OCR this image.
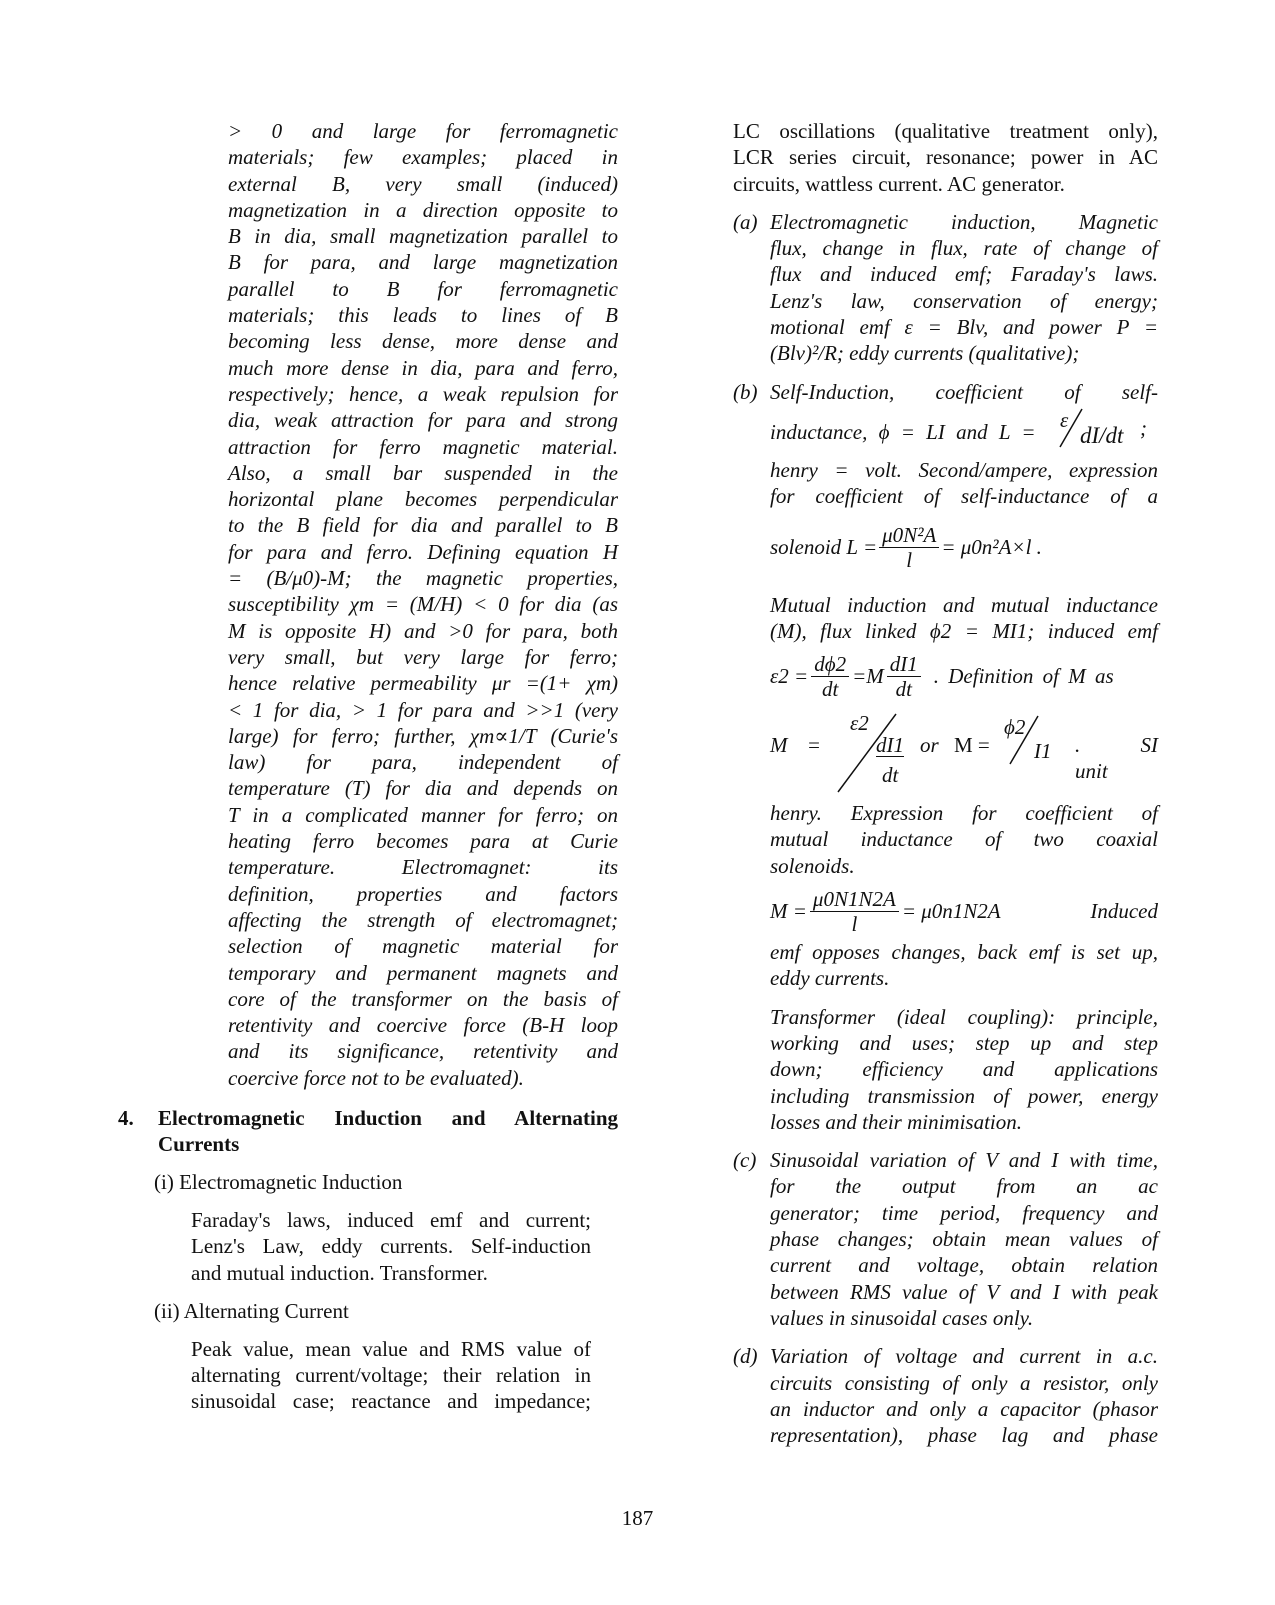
> 0 and large for ferromagnetic
materials; few examples; placed in
external B, very small (induced)
magnetization in a direction opposite to
B in dia, small magnetization parallel to
B for para, and large magnetization
parallel to B for ferromagnetic
materials; this leads to lines of B
becoming less dense, more dense and
much more dense in dia, para and ferro,
respectively; hence, a weak repulsion for
dia, weak attraction for para and strong
attraction for ferro magnetic material.
Also, a small bar suspended in the
horizontal plane becomes perpendicular
to the B field for dia and parallel to B
for para and ferro. Defining equation H
= (B/μ0)-M; the magnetic properties,
susceptibility χm = (M/H) < 0 for dia (as
M is opposite H) and >0 for para, both
very small, but very large for ferro;
hence relative permeability μr =(1+ χm)
< 1 for dia, > 1 for para and >>1 (very
large) for ferro; further, χm∝1/T (Curie's
law) for para, independent of
temperature (T) for dia and depends on
T in a complicated manner for ferro; on
heating ferro becomes para at Curie
temperature. Electromagnet: its
definition, properties and factors
affecting the strength of electromagnet;
selection of magnetic material for
temporary and permanent magnets and
core of the transformer on the basis of
retentivity and coercive force (B-H loop
and its significance, retentivity and
coercive force not to be evaluated).
4. Electromagnetic Induction and Alternating
Currents
(i) Electromagnetic Induction
Faraday's laws, induced emf and current;
Lenz's Law, eddy currents. Self-induction
and mutual induction. Transformer.
(ii) Alternating Current
Peak value, mean value and RMS value of
alternating current/voltage; their relation in
sinusoidal case; reactance and impedance;
LC oscillations (qualitative treatment only),
LCR series circuit, resonance; power in AC
circuits, wattless current. AC generator.
(a) Electromagnetic induction, Magnetic
flux, change in flux, rate of change of
flux and induced emf; Faraday's laws.
Lenz's law, conservation of energy;
motional emf ε = Blv, and power P =
(Blv)²/R; eddy currents (qualitative);
(b) Self-Induction, coefficient of self-
inductance, ϕ = LI and L = ε
dI/dt ;
henry = volt. Second/ampere, expression
for coefficient of self-inductance of a
solenoid $L = \frac{\text{μ0N²A}}{l} = \mu 0n^2A\times l$ .
Mutual induction and mutual inductance
(M), flux linked ϕ2 = MI1; induced emf
$\varepsilon 2 = \frac{d\phi 2}{dt} =M \frac{dI1}{dt}$ . Definition of M as
M =
ε2
dI1
dt
or M =
ϕ2
I1 . SI unit
henry. Expression for coefficient of
mutual inductance of two coaxial
solenoids.
$M = \frac{\mu 0N1N2A}{l} = \mu 0n1N2A$	Induced
emf opposes changes, back emf is set up,
eddy currents.
Transformer (ideal coupling): principle,
working and uses; step up and step
down; efficiency and applications
including transmission of power, energy
losses and their minimisation.
(c) Sinusoidal variation of V and I with time,
for the output from an ac
generator; time period, frequency and
phase changes; obtain mean values of
current and voltage, obtain relation
between RMS value of V and I with peak
values in sinusoidal cases only.
(d) Variation of voltage and current in a.c.
circuits consisting of only a resistor, only
an inductor and only a capacitor (phasor
representation), phase lag and phase
187
